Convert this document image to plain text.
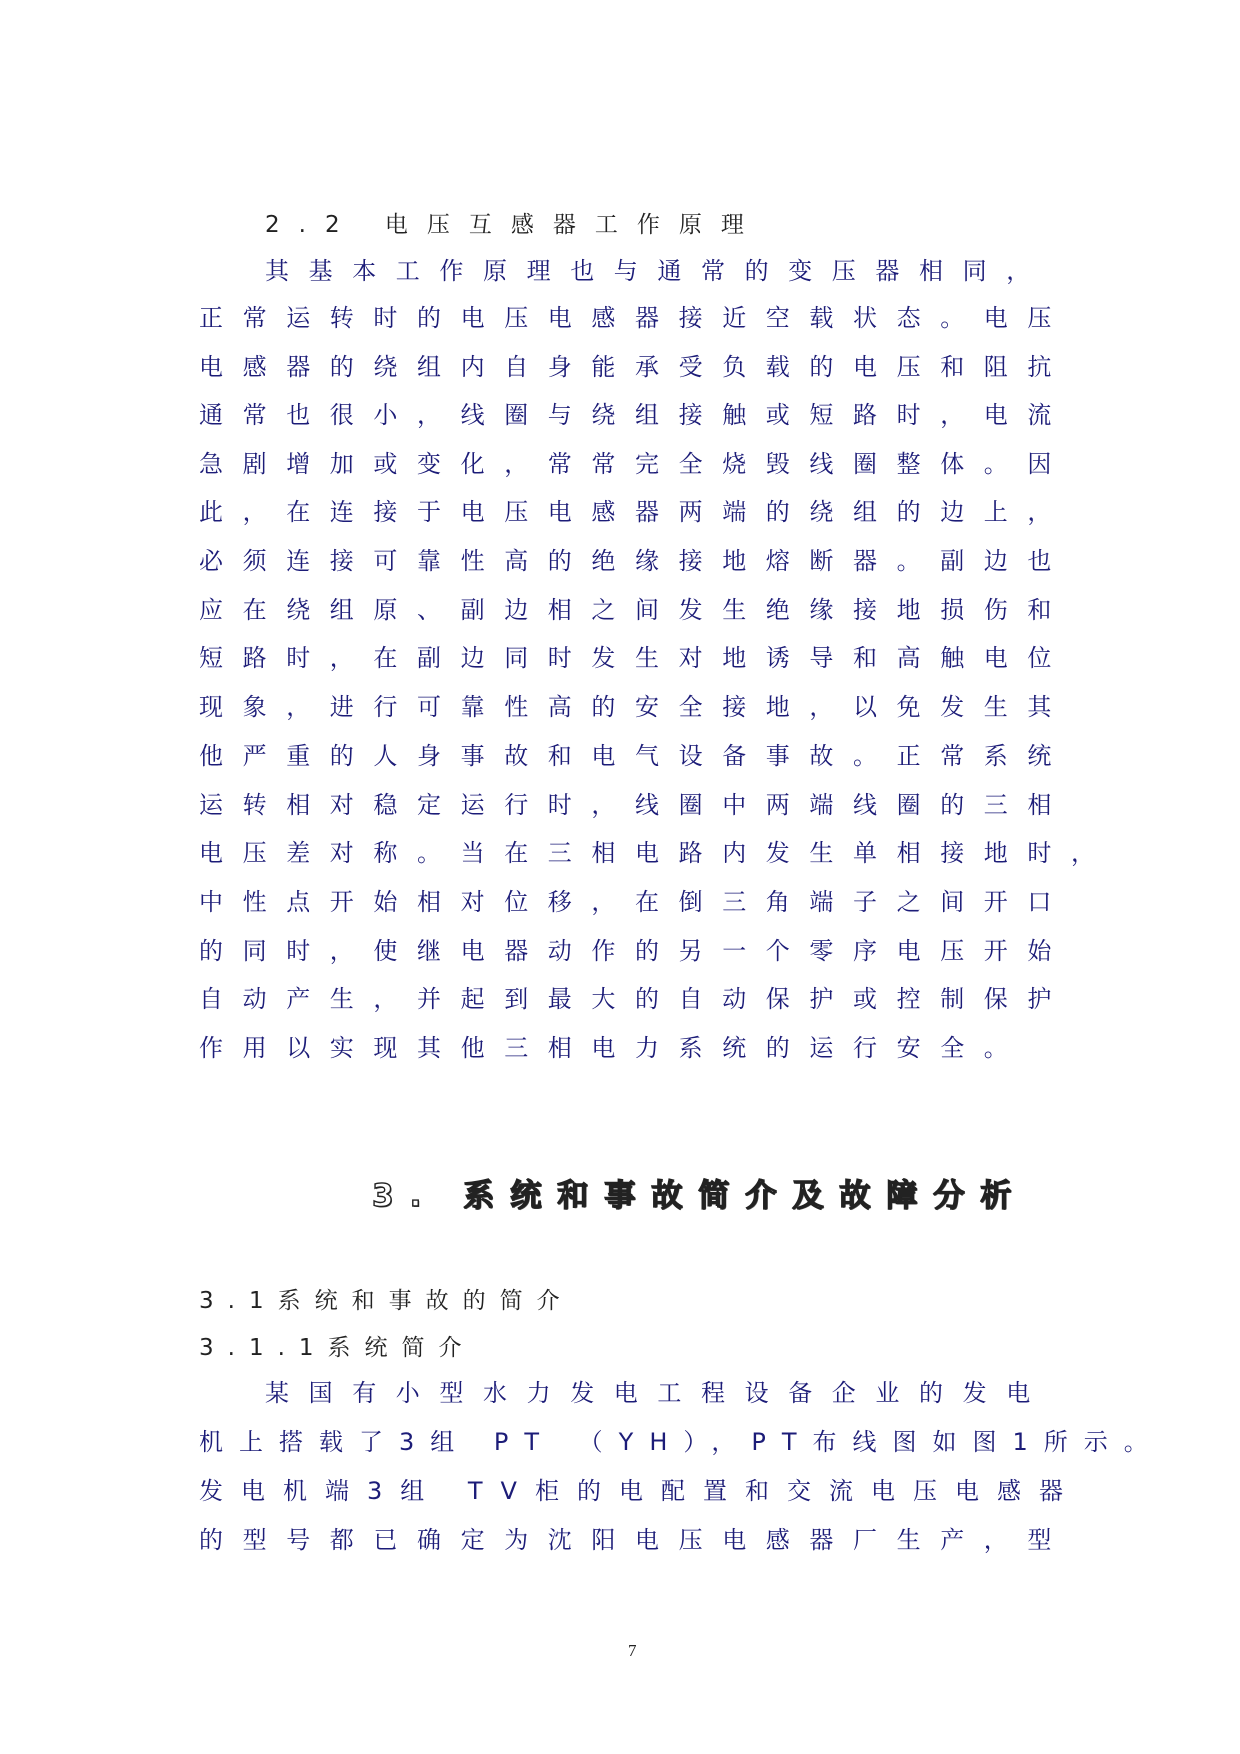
2.2 电压互感器工作原理
其基本工作原理也与通常的变压器相同，
正常运转时的电压电感器接近空载状态。电压
电感器的绕组内自身能承受负载的电压和阻抗
通常也很小，线圈与绕组接触或短路时，电流
急剧增加或变化，常常完全烧毁线圈整体。因
此，在连接于电压电感器两端的绕组的边上，
必须连接可靠性高的绝缘接地熔断器。副边也
应在绕组原、副边相之间发生绝缘接地损伤和
短路时，在副边同时发生对地诱导和高触电位
现象，进行可靠性高的安全接地，以免发生其
他严重的人身事故和电气设备事故。正常系统
运转相对稳定运行时，线圈中两端线圈的三相
电压差对称。当在三相电路内发生单相接地时，
中性点开始相对位移，在倒三角端子之间开口
的同时，使继电器动作的另一个零序电压开始
自动产生，并起到最大的自动保护或控制保护
作用以实现其他三相电力系统的运行安全。
3. 系统和事故简介及故障分析
3.1系统和事故的简介
3.1.1系统简介
某国有小型水力发电工程设备企业的发电
机上搭载了3组 PT （YH），PT布线图如图1所示。
发电机端3组 TV柜的电配置和交流电压电感器
的型号都已确定为沈阳电压电感器厂生产，型
7
